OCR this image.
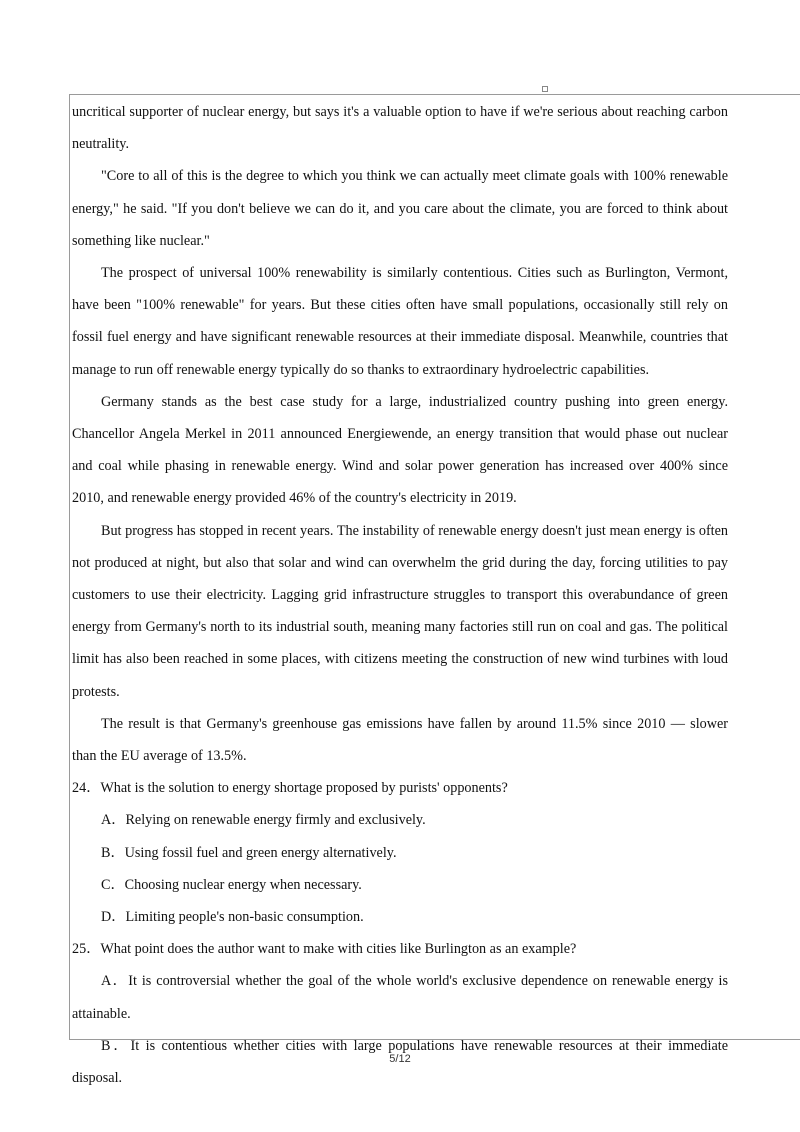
uncritical supporter of nuclear energy, but says it's a valuable option to have if we're serious about reaching carbon neutrality.

"Core to all of this is the degree to which you think we can actually meet climate goals with 100% renewable energy," he said. "If you don't believe we can do it, and you care about the climate, you are forced to think about something like nuclear."

The prospect of universal 100% renewability is similarly contentious. Cities such as Burlington, Vermont, have been "100% renewable" for years. But these cities often have small populations, occasionally still rely on fossil fuel energy and have significant renewable resources at their immediate disposal. Meanwhile, countries that manage to run off renewable energy typically do so thanks to extraordinary hydroelectric capabilities.

Germany stands as the best case study for a large, industrialized country pushing into green energy. Chancellor Angela Merkel in 2011 announced Energiewende, an energy transition that would phase out nuclear and coal while phasing in renewable energy. Wind and solar power generation has increased over 400% since 2010, and renewable energy provided 46% of the country's electricity in 2019.

But progress has stopped in recent years. The instability of renewable energy doesn't just mean energy is often not produced at night, but also that solar and wind can overwhelm the grid during the day, forcing utilities to pay customers to use their electricity. Lagging grid infrastructure struggles to transport this overabundance of green energy from Germany's north to its industrial south, meaning many factories still run on coal and gas. The political limit has also been reached in some places, with citizens meeting the construction of new wind turbines with loud protests.

The result is that Germany's greenhouse gas emissions have fallen by around 11.5% since 2010 — slower than the EU average of 13.5%.

24．What is the solution to energy shortage proposed by purists' opponents?

A．Relying on renewable energy firmly and exclusively.

B．Using fossil fuel and green energy alternatively.

C．Choosing nuclear energy when necessary.

D．Limiting people's non-basic consumption.

25．What point does the author want to make with cities like Burlington as an example?

A．It is controversial whether the goal of the whole world's exclusive dependence on renewable energy is attainable.

B．It is contentious whether cities with large populations have renewable resources at their immediate disposal.

5/12
